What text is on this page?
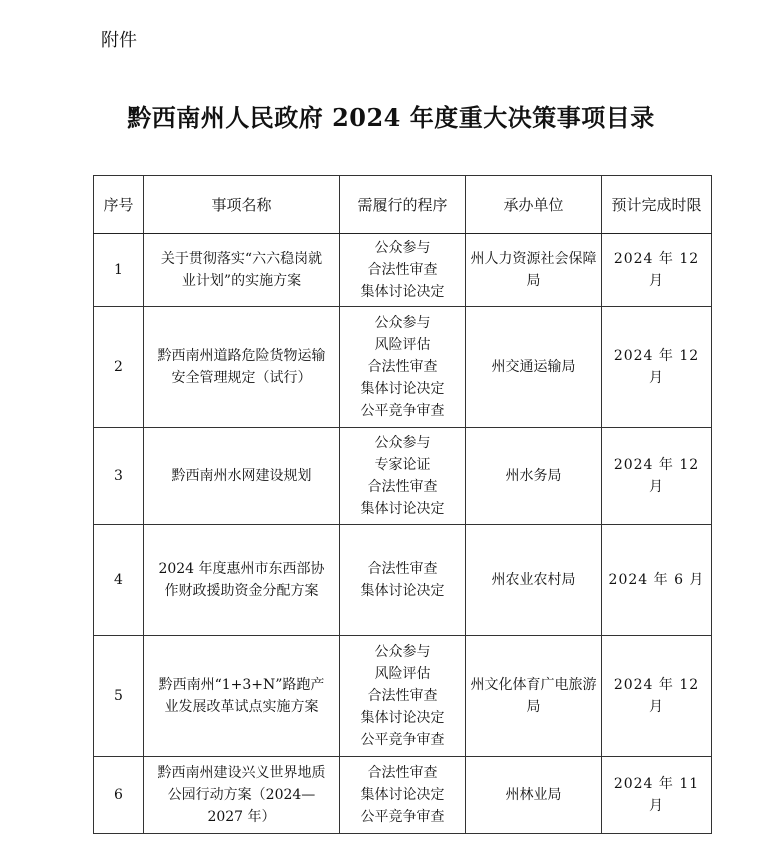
附件
黔西南州人民政府 2024 年度重大决策事项目录
序号	事项名称	需履行的程序	承办单位	预计完成时限
1	关于贯彻落实“六六稳岗就业计划”的实施方案	公众参与
合法性审查
集体讨论决定	州人力资源社会保障局	2024 年 12 月
2	黔西南州道路危险货物运输安全管理规定（试行）	公众参与
风险评估
合法性审查
集体讨论决定
公平竞争审查	州交通运输局	2024 年 12 月
3	黔西南州水网建设规划	公众参与
专家论证
合法性审查
集体讨论决定	州水务局	2024 年 12 月
4	2024 年度惠州市东西部协作财政援助资金分配方案	合法性审查
集体讨论决定	州农业农村局	2024 年 6 月
5	黔西南州“1+3+N”路跑产业发展改革试点实施方案	公众参与
风险评估
合法性审查
集体讨论决定
公平竞争审查	州文化体育广电旅游局	2024 年 12 月
6	黔西南州建设兴义世界地质公园行动方案（2024—2027 年）	合法性审查
集体讨论决定
公平竞争审查	州林业局	2024 年 11 月
